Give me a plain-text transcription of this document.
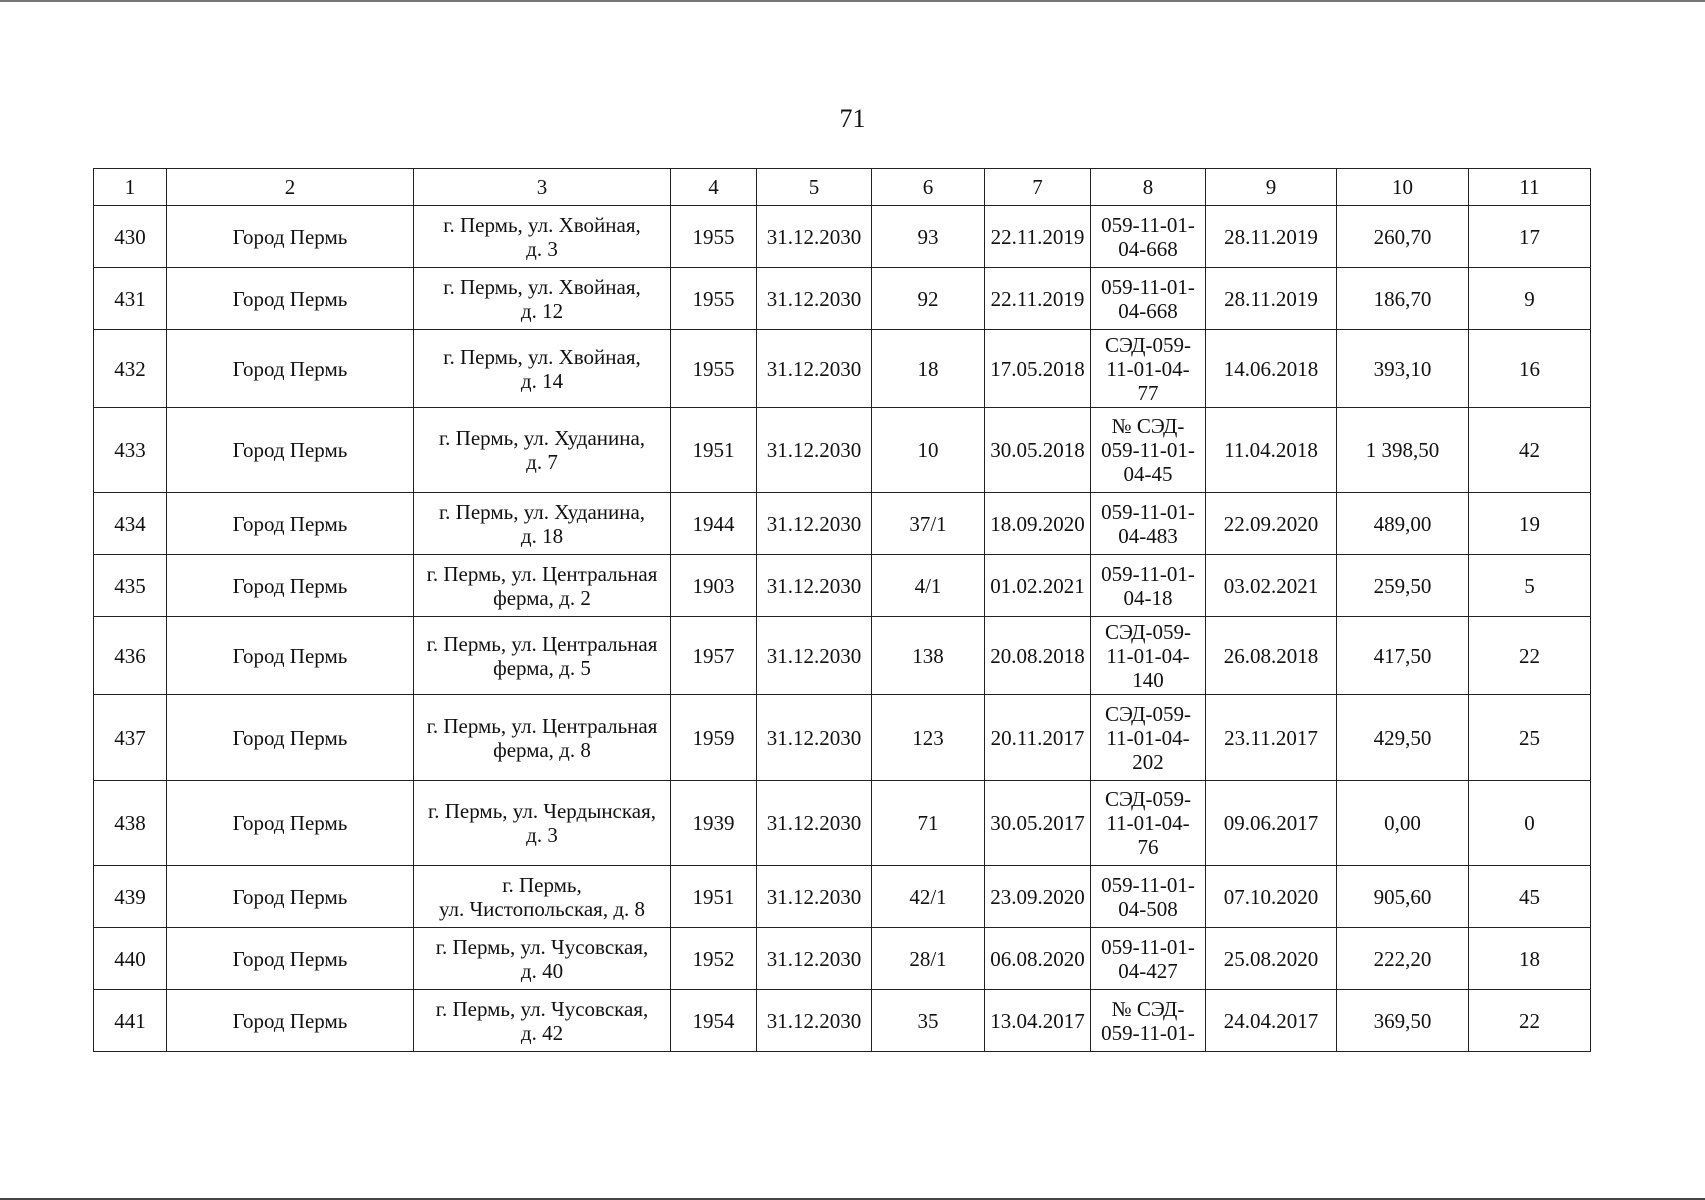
71
1	2	3	4	5	6	7	8	9	10	11
430	Город Пермь	г. Пермь, ул. Хвойная,
д. 3	1955	31.12.2030	93	22.11.2019	059-11-01-
04-668	28.11.2019	260,70	17
431	Город Пермь	г. Пермь, ул. Хвойная,
д. 12	1955	31.12.2030	92	22.11.2019	059-11-01-
04-668	28.11.2019	186,70	9
432	Город Пермь	г. Пермь, ул. Хвойная,
д. 14	1955	31.12.2030	18	17.05.2018	СЭД-059-
11-01-04-
77	14.06.2018	393,10	16
433	Город Пермь	г. Пермь, ул. Худанина,
д. 7	1951	31.12.2030	10	30.05.2018	№ СЭД-
059-11-01-
04-45	11.04.2018	1 398,50	42
434	Город Пермь	г. Пермь, ул. Худанина,
д. 18	1944	31.12.2030	37/1	18.09.2020	059-11-01-
04-483	22.09.2020	489,00	19
435	Город Пермь	г. Пермь, ул. Центральная
ферма, д. 2	1903	31.12.2030	4/1	01.02.2021	059-11-01-
04-18	03.02.2021	259,50	5
436	Город Пермь	г. Пермь, ул. Центральная
ферма, д. 5	1957	31.12.2030	138	20.08.2018	СЭД-059-
11-01-04-
140	26.08.2018	417,50	22
437	Город Пермь	г. Пермь, ул. Центральная
ферма, д. 8	1959	31.12.2030	123	20.11.2017	СЭД-059-
11-01-04-
202	23.11.2017	429,50	25
438	Город Пермь	г. Пермь, ул. Чердынская,
д. 3	1939	31.12.2030	71	30.05.2017	СЭД-059-
11-01-04-
76	09.06.2017	0,00	0
439	Город Пермь	г. Пермь,
ул. Чистопольская, д. 8	1951	31.12.2030	42/1	23.09.2020	059-11-01-
04-508	07.10.2020	905,60	45
440	Город Пермь	г. Пермь, ул. Чусовская,
д. 40	1952	31.12.2030	28/1	06.08.2020	059-11-01-
04-427	25.08.2020	222,20	18
441	Город Пермь	г. Пермь, ул. Чусовская,
д. 42	1954	31.12.2030	35	13.04.2017	№ СЭД-
059-11-01-	24.04.2017	369,50	22
